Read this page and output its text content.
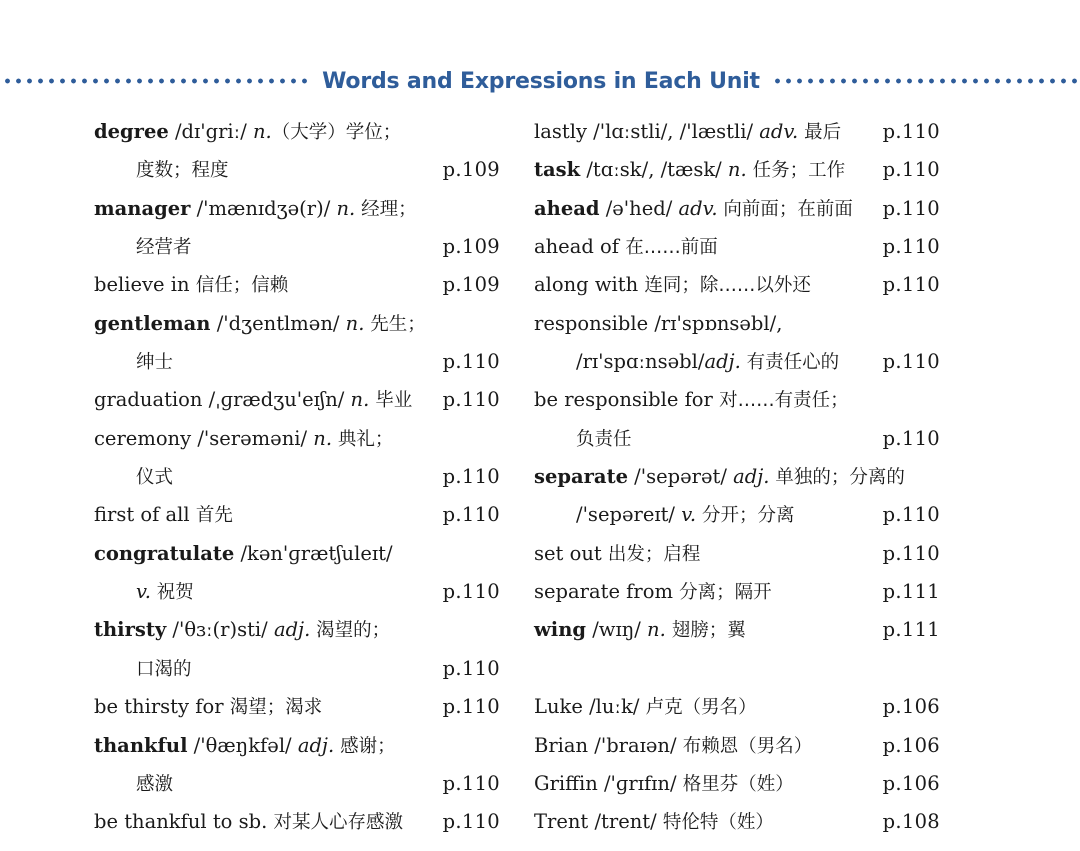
Words and Expressions in Each Unit
degree /dɪ'griː/ n.（大学）学位；
度数；程度	p.109
manager /'mænɪdʒə(r)/ n. 经理；
经营者	p.109
believe in 信任；信赖	p.109
gentleman /'dʒentlmən/ n. 先生；
绅士	p.110
graduation /ˌɡrædʒu'eɪʃn/ n. 毕业 p.110
ceremony /'serəməni/ n. 典礼；
仪式	p.110
first of all 首先	p.110
congratulate /kən'ɡrætʃuleɪt/
v. 祝贺	p.110
thirsty /'θɜː(r)sti/ adj. 渴望的；
口渴的	p.110
be thirsty for 渴望；渴求	p.110
thankful /'θæŋkfəl/ adj. 感谢；
感激	p.110
be thankful to sb. 对某人心存感激 p.110
lastly /'lɑːstli/, /'læstli/ adv. 最后 p.110
task /tɑːsk/, /tæsk/ n. 任务；工作 p.110
ahead /ə'hed/ adv. 向前面；在前面 p.110
ahead of 在……前面	p.110
along with 连同；除……以外还	p.110
responsible /rɪ'spɒnsəbl/,
/rɪ'spɑːnsəbl/adj. 有责任心的 p.110
be responsible for 对……有责任；
负责任	p.110
separate /'sepərət/ adj. 单独的；分离的
/'sepəreɪt/ v. 分开；分离	p.110
set out 出发；启程	p.110
separate from 分离；隔开	p.111
wing /wɪŋ/ n. 翅膀；翼	p.111
Luke /luːk/ 卢克（男名）	p.106
Brian /'braɪən/ 布赖恩（男名）	p.106
Griffin /'ɡrɪfɪn/ 格里芬（姓）	p.106
Trent /trent/ 特伦特（姓）	p.108
